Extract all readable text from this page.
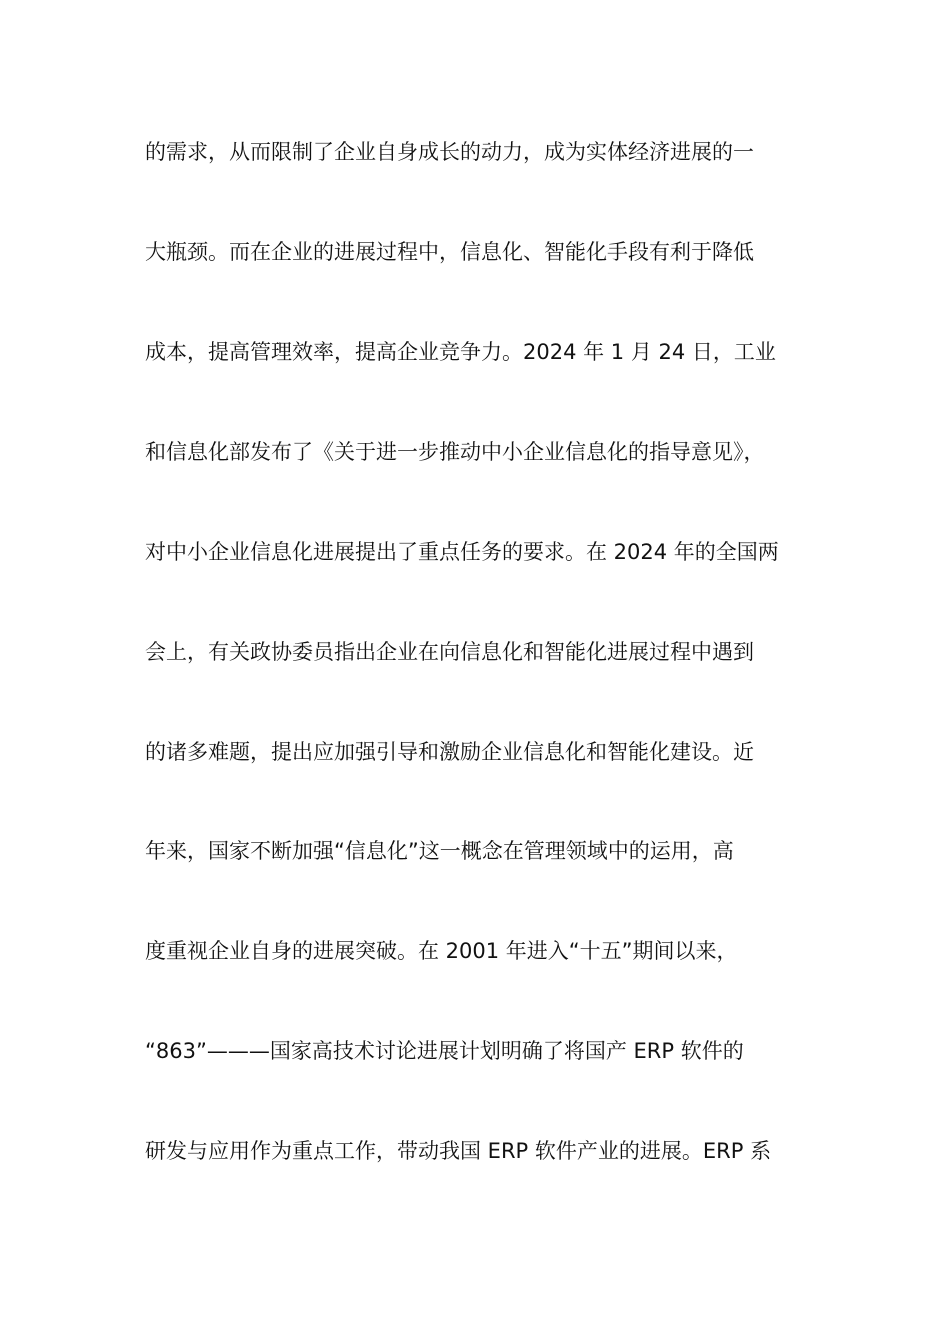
的需求，从而限制了企业自身成长的动力，成为实体经济进展的一
大瓶颈。而在企业的进展过程中，信息化、智能化手段有利于降低
成本，提高管理效率，提高企业竞争力。2024 年 1 月 24 日，工业
和信息化部发布了《关于进一步推动中小企业信息化的指导意见》，
对中小企业信息化进展提出了重点任务的要求。在 2024 年的全国两
会上，有关政协委员指出企业在向信息化和智能化进展过程中遇到
的诸多难题，提出应加强引导和激励企业信息化和智能化建设。近
年来，国家不断加强“信息化”这一概念在管理领域中的运用，高
度重视企业自身的进展突破。在 2001 年进入“十五”期间以来，
“863”———国家高技术讨论进展计划明确了将国产 ERP 软件的
研发与应用作为重点工作，带动我国 ERP 软件产业的进展。ERP 系
